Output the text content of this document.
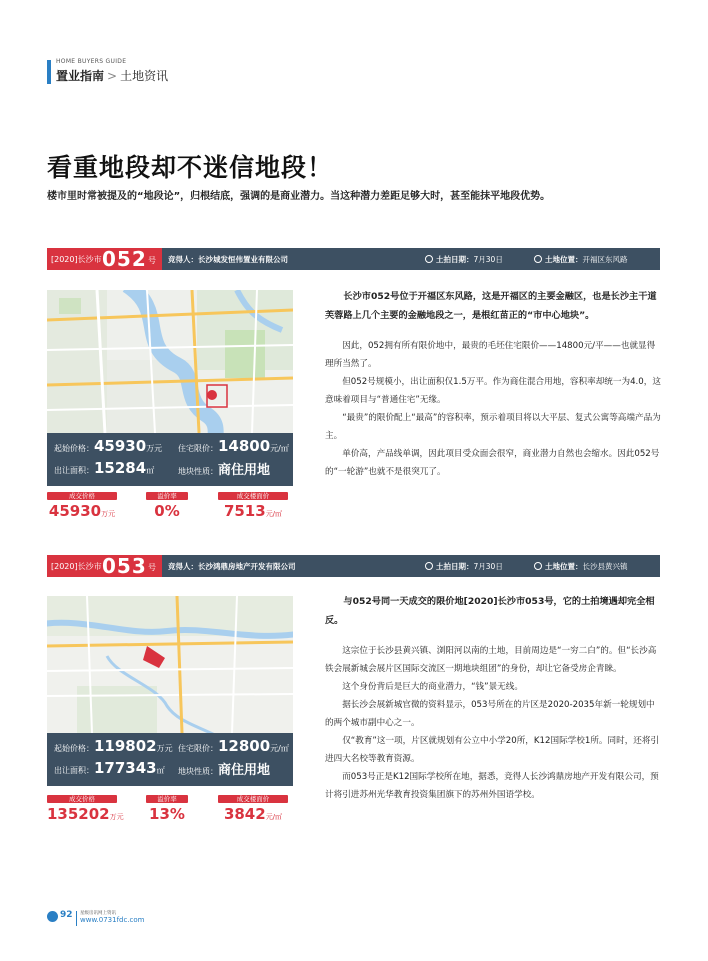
HOME BUYERS GUIDE
置业指南 > 土地资讯
看重地段却不迷信地段！
楼市里时常被提及的“地段论”，归根结底，强调的是商业潜力。当这种潜力差距足够大时，甚至能抹平地段优势。
[2020]长沙市 052 号 竞得人：长沙城发恒伟置业有限公司	土拍日期：7月30日	土地位置：开福区东风路
起始价格：45930万元 住宅限价：14800元/㎡
出让面积：15284㎡	地块性质：商住用地
成交价格
45930万元
溢价率
0%
成交楼面价
7513元/㎡

长沙市052号位于开福区东风路，这是开福区的主要金融区，也是长沙主干道芙蓉路上几个主要的金融地段之一，是根红苗正的“市中心地块”。

因此，052拥有所有限价地中，最贵的毛坯住宅限价——14800元/平——也就显得理所当然了。

但052号规模小，出让面积仅1.5万平。作为商住混合用地，容积率却统一为4.0，这意味着项目与“普通住宅”无缘。

“最贵”的限价配上“最高”的容积率，预示着项目将以大平层、复式公寓等高端产品为主。

单价高，产品线单调，因此项目受众面会很窄，商业潜力自然也会缩水。因此052号的“一轮游”也就不是很突兀了。

[2020]长沙市 053 号 竞得人：长沙鸿鼎房地产开发有限公司	土拍日期：7月30日	土地位置：长沙县黄兴镇
起始价格：119802万元 住宅限价：12800元/㎡
出让面积：177343㎡ 地块性质：商住用地
成交价格
135202万元
溢价率
13%
成交楼面价
3842元/㎡

与052号同一天成交的限价地[2020]长沙市053号，它的土拍境遇却完全相反。

这宗位于长沙县黄兴镇、浏阳河以南的土地，目前周边是“一穷二白”的。但“长沙高铁会展新城会展片区国际交流区一期地块组团”的身份，却让它备受房企青睐。

这个身份背后是巨大的商业潜力，“钱”景无线。

据长沙会展新城官微的资料显示，053号所在的片区是2020-2035年新一轮规划中的两个城市副中心之一。

仅“教育”这一项，片区就规划有公立中小学20所，K12国际学校1所。同时，还将引进四大名校等教育资源。

而053号正是K12国际学校所在地，据悉，竞得人长沙鸿鼎房地产开发有限公司，预计将引进苏州光华教育投资集团旗下的苏州外国语学校。

92 星级房讯网上资讯
www.0731fdc.com
